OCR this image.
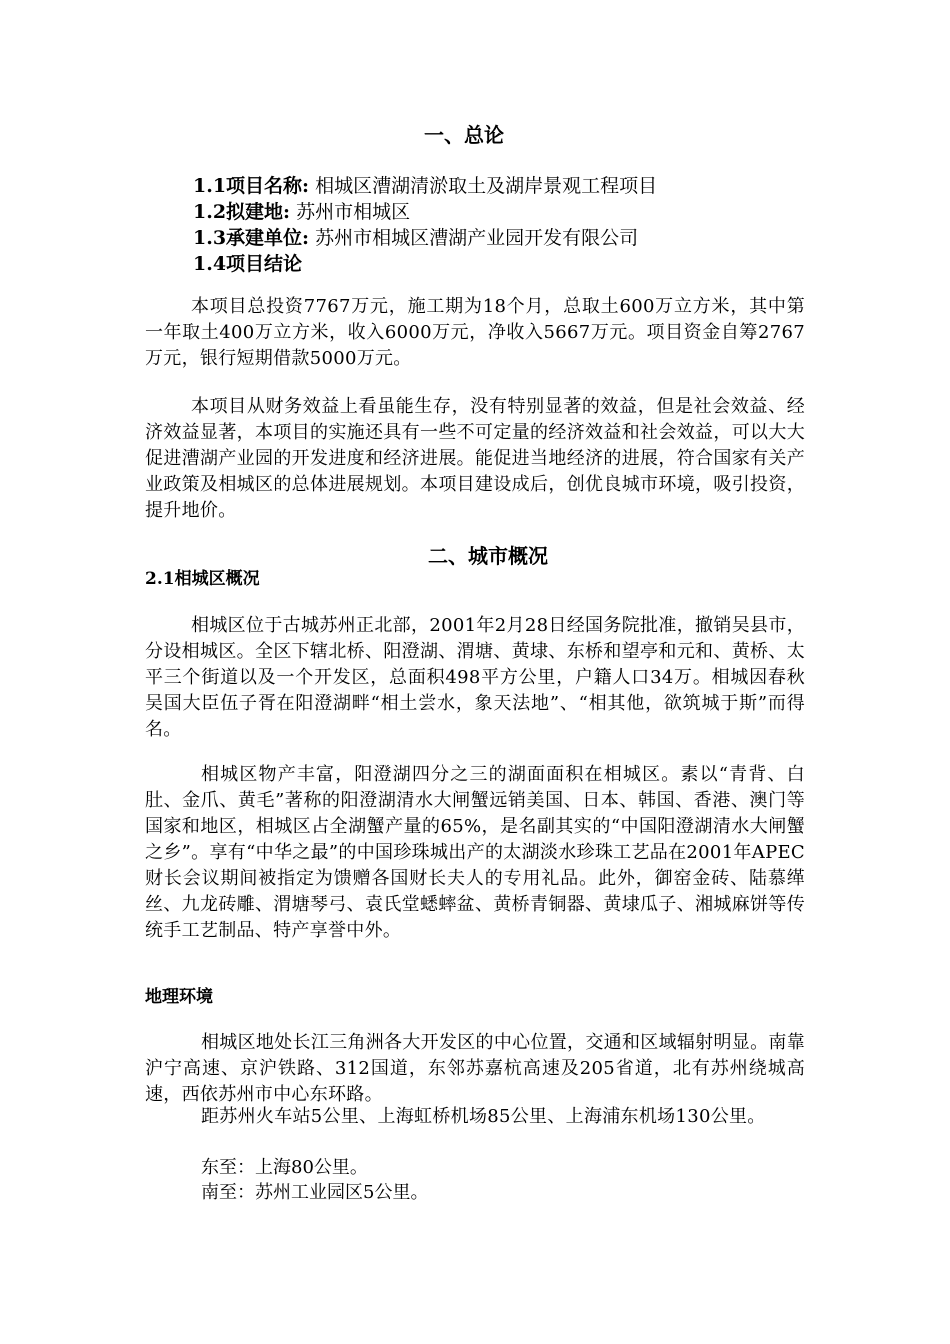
一、总论
1.1项目名称: 相城区漕湖清淤取土及湖岸景观工程项目
1.2拟建地: 苏州市相城区
1.3承建单位: 苏州市相城区漕湖产业园开发有限公司
1.4项目结论
本项目总投资7767万元，施工期为18个月，总取土600万立方米，其中第一年取土400万立方米，收入6000万元，净收入5667万元。项目资金自筹2767万元，银行短期借款5000万元。
本项目从财务效益上看虽能生存，没有特别显著的效益，但是社会效益、经济效益显著，本项目的实施还具有一些不可定量的经济效益和社会效益，可以大大促进漕湖产业园的开发进度和经济进展。能促进当地经济的进展，符合国家有关产业政策及相城区的总体进展规划。本项目建设成后，创优良城市环境，吸引投资，提升地价。
二、城市概况
2.1相城区概况
相城区位于古城苏州正北部，2001年2月28日经国务院批准，撤销吴县市，分设相城区。全区下辖北桥、阳澄湖、渭塘、黄埭、东桥和望亭和元和、黄桥、太平三个街道以及一个开发区，总面积498平方公里，户籍人口34万。相城因春秋吴国大臣伍子胥在阳澄湖畔“相土尝水，象天法地”、“相其他，欲筑城于斯”而得名。
相城区物产丰富，阳澄湖四分之三的湖面面积在相城区。素以“青背、白肚、金爪、黄毛”著称的阳澄湖清水大闸蟹远销美国、日本、韩国、香港、澳门等国家和地区，相城区占全湖蟹产量的65%，是名副其实的“中国阳澄湖清水大闸蟹之乡”。享有“中华之最”的中国珍珠城出产的太湖淡水珍珠工艺品在2001年APEC财长会议期间被指定为馈赠各国财长夫人的专用礼品。此外，御窑金砖、陆慕缂丝、九龙砖雕、渭塘琴弓、袁氏堂蟋蟀盆、黄桥青铜器、黄埭瓜子、湘城麻饼等传统手工艺制品、特产享誉中外。
地理环境
相城区地处长江三角洲各大开发区的中心位置，交通和区域辐射明显。南靠沪宁高速、京沪铁路、312国道，东邻苏嘉杭高速及205省道，北有苏州绕城高速，西依苏州市中心东环路。
距苏州火车站5公里、上海虹桥机场85公里、上海浦东机场130公里。
东至：上海80公里。
南至：苏州工业园区5公里。
